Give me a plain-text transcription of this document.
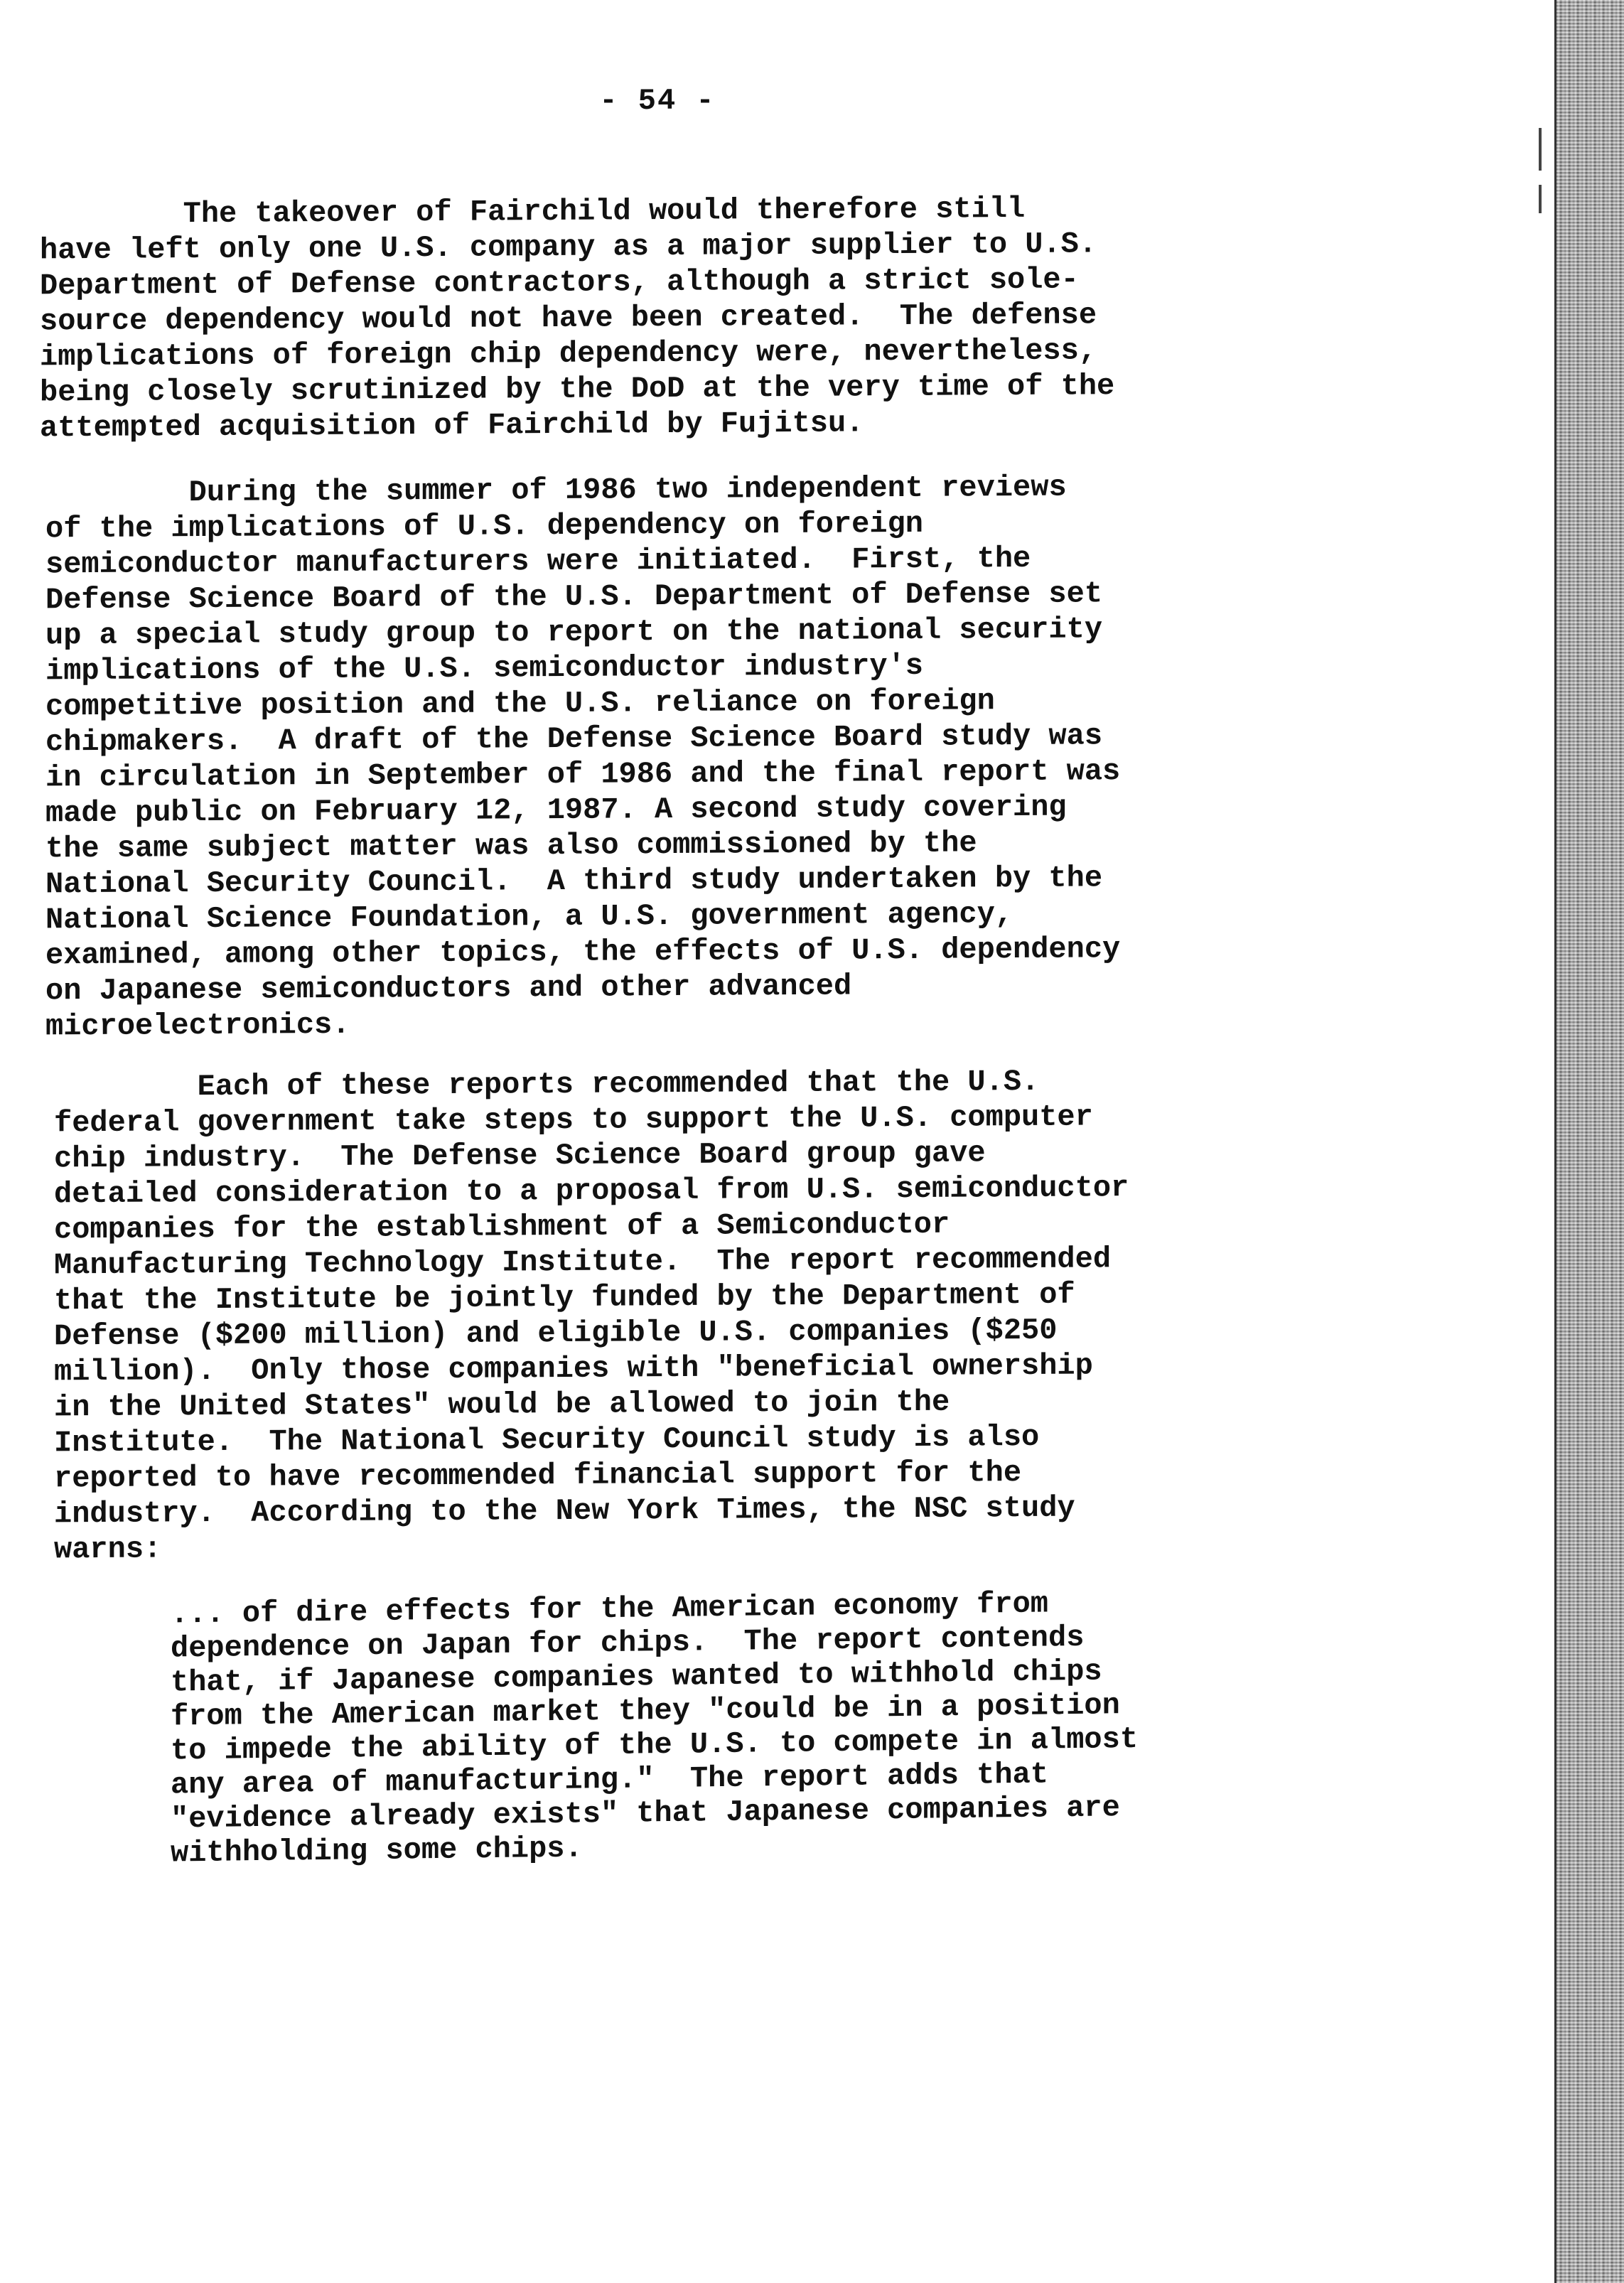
- 54 -
	The takeover of Fairchild would therefore still
have left only one U.S. company as a major supplier to U.S.
Department of Defense contractors, although a strict sole-
source dependency would not have been created.  The defense
implications of foreign chip dependency were, nevertheless,
being closely scrutinized by the DoD at the very time of the
attempted acquisition of Fairchild by Fujitsu.
	During the summer of 1986 two independent reviews
of the implications of U.S. dependency on foreign
semiconductor manufacturers were initiated.  First, the
Defense Science Board of the U.S. Department of Defense set
up a special study group to report on the national security
implications of the U.S. semiconductor industry's
competitive position and the U.S. reliance on foreign
chipmakers.  A draft of the Defense Science Board study was
in circulation in September of 1986 and the final report was
made public on February 12, 1987. A second study covering
the same subject matter was also commissioned by the
National Security Council.  A third study undertaken by the
National Science Foundation, a U.S. government agency,
examined, among other topics, the effects of U.S. dependency
on Japanese semiconductors and other advanced
microelectronics.
	Each of these reports recommended that the U.S.
federal government take steps to support the U.S. computer
chip industry.  The Defense Science Board group gave
detailed consideration to a proposal from U.S. semiconductor
companies for the establishment of a Semiconductor
Manufacturing Technology Institute.  The report recommended
that the Institute be jointly funded by the Department of
Defense ($200 million) and eligible U.S. companies ($250
million).  Only those companies with "beneficial ownership
in the United States" would be allowed to join the
Institute.  The National Security Council study is also
reported to have recommended financial support for the
industry.  According to the New York Times, the NSC study
warns:
... of dire effects for the American economy from
dependence on Japan for chips.  The report contends
that, if Japanese companies wanted to withhold chips
from the American market they "could be in a position
to impede the ability of the U.S. to compete in almost
any area of manufacturing."  The report adds that
"evidence already exists" that Japanese companies are
withholding some chips.
